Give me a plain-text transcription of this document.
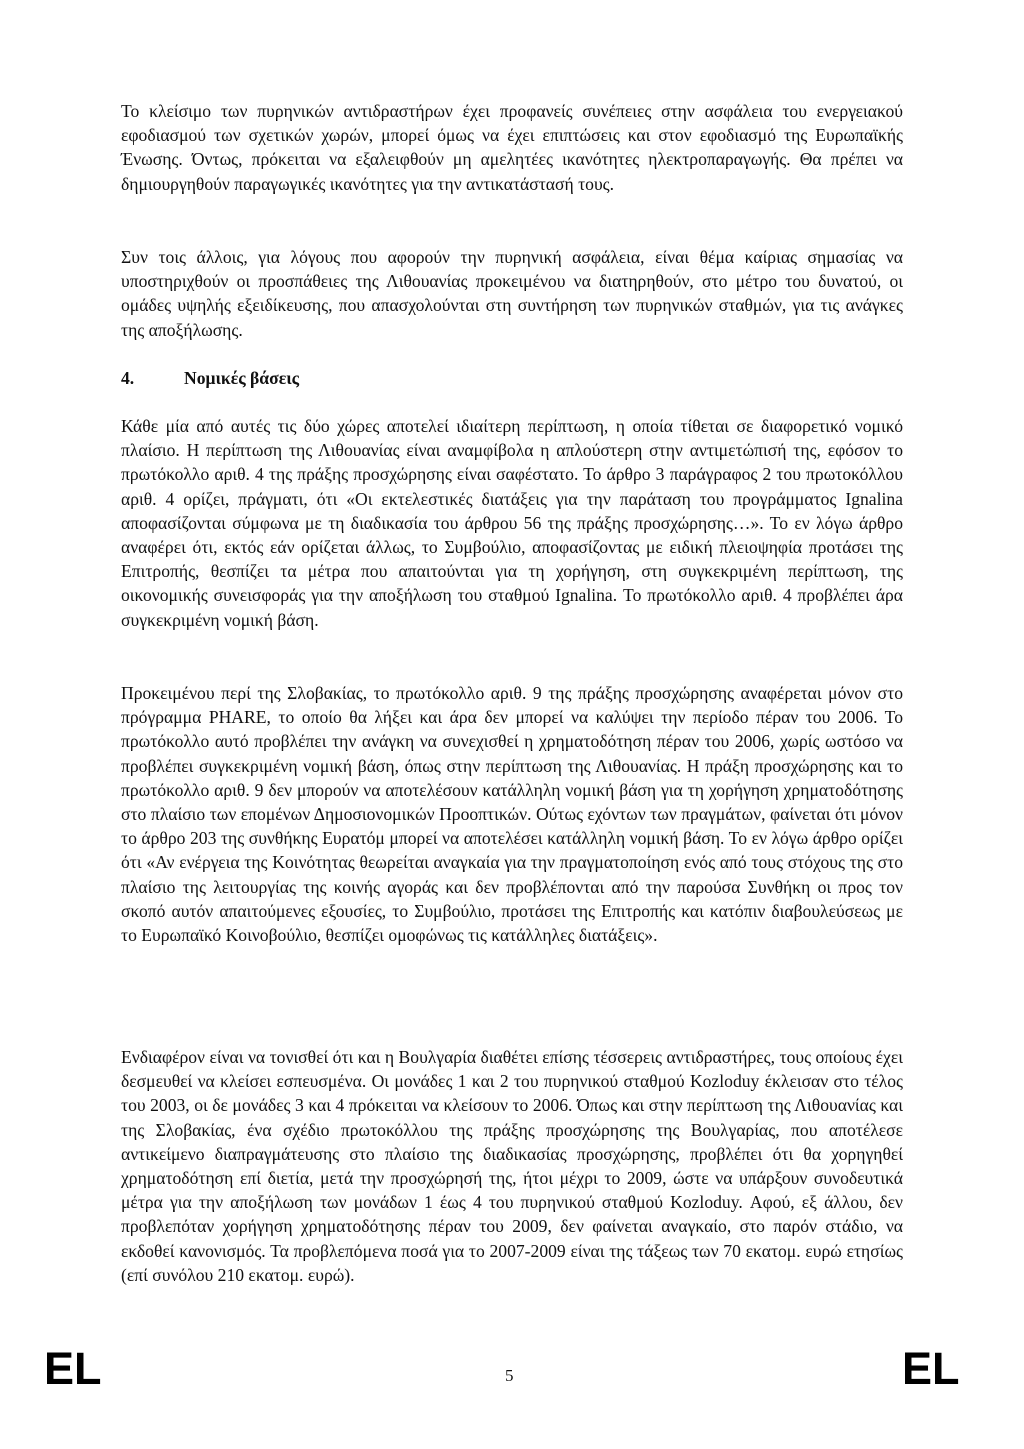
Το κλείσιμο των πυρηνικών αντιδραστήρων έχει προφανείς συνέπειες στην ασφάλεια του ενεργειακού εφοδιασμού των σχετικών χωρών, μπορεί όμως να έχει επιπτώσεις και στον εφοδιασμό της Ευρωπαϊκής Ένωσης. Όντως, πρόκειται να εξαλειφθούν μη αμελητέες ικανότητες ηλεκτροπαραγωγής. Θα πρέπει να δημιουργηθούν παραγωγικές ικανότητες για την αντικατάστασή τους.

Συν τοις άλλοις, για λόγους που αφορούν την πυρηνική ασφάλεια, είναι θέμα καίριας σημασίας να υποστηριχθούν οι προσπάθειες της Λιθουανίας προκειμένου να διατηρηθούν, στο μέτρο του δυνατού, οι ομάδες υψηλής εξειδίκευσης, που απασχολούνται στη συντήρηση των πυρηνικών σταθμών, για τις ανάγκες της αποξήλωσης.

4.	Νομικές βάσεις

Κάθε μία από αυτές τις δύο χώρες αποτελεί ιδιαίτερη περίπτωση, η οποία τίθεται σε διαφορετικό νομικό πλαίσιο. Η περίπτωση της Λιθουανίας είναι αναμφίβολα η απλούστερη στην αντιμετώπισή της, εφόσον το πρωτόκολλο αριθ. 4 της πράξης προσχώρησης είναι σαφέστατο. Το άρθρο 3 παράγραφος 2 του πρωτοκόλλου αριθ. 4 ορίζει, πράγματι, ότι «Οι εκτελεστικές διατάξεις για την παράταση του προγράμματος Ignalina αποφασίζονται σύμφωνα με τη διαδικασία του άρθρου 56 της πράξης προσχώρησης…». Το εν λόγω άρθρο αναφέρει ότι, εκτός εάν ορίζεται άλλως, το Συμβούλιο, αποφασίζοντας με ειδική πλειοψηφία προτάσει της Επιτροπής, θεσπίζει τα μέτρα που απαιτούνται για τη χορήγηση, στη συγκεκριμένη περίπτωση, της οικονομικής συνεισφοράς για την αποξήλωση του σταθμού Ignalina. Το πρωτόκολλο αριθ. 4 προβλέπει άρα συγκεκριμένη νομική βάση.

Προκειμένου περί της Σλοβακίας, το πρωτόκολλο αριθ. 9 της πράξης προσχώρησης αναφέρεται μόνον στο πρόγραμμα PHARE, το οποίο θα λήξει και άρα δεν μπορεί να καλύψει την περίοδο πέραν του 2006. Το πρωτόκολλο αυτό προβλέπει την ανάγκη να συνεχισθεί η χρηματοδότηση πέραν του 2006, χωρίς ωστόσο να προβλέπει συγκεκριμένη νομική βάση, όπως στην περίπτωση της Λιθουανίας. Η πράξη προσχώρησης και το πρωτόκολλο αριθ. 9 δεν μπορούν να αποτελέσουν κατάλληλη νομική βάση για τη χορήγηση χρηματοδότησης στο πλαίσιο των επομένων Δημοσιονομικών Προοπτικών. Ούτως εχόντων των πραγμάτων, φαίνεται ότι μόνον το άρθρο 203 της συνθήκης Ευρατόμ μπορεί να αποτελέσει κατάλληλη νομική βάση. Το εν λόγω άρθρο ορίζει ότι «Αν ενέργεια της Κοινότητας θεωρείται αναγκαία για την πραγματοποίηση ενός από τους στόχους της στο πλαίσιο της λειτουργίας της κοινής αγοράς και δεν προβλέπονται από την παρούσα Συνθήκη οι προς τον σκοπό αυτόν απαιτούμενες εξουσίες, το Συμβούλιο, προτάσει της Επιτροπής και κατόπιν διαβουλεύσεως με το Ευρωπαϊκό Κοινοβούλιο, θεσπίζει ομοφώνως τις κατάλληλες διατάξεις».

Ενδιαφέρον είναι να τονισθεί ότι και η Βουλγαρία διαθέτει επίσης τέσσερεις αντιδραστήρες, τους οποίους έχει δεσμευθεί να κλείσει εσπευσμένα. Οι μονάδες 1 και 2 του πυρηνικού σταθμού Kozloduy έκλεισαν στο τέλος του 2003, οι δε μονάδες 3 και 4 πρόκειται να κλείσουν το 2006. Όπως και στην περίπτωση της Λιθουανίας και της Σλοβακίας, ένα σχέδιο πρωτοκόλλου της πράξης προσχώρησης της Βουλγαρίας, που αποτέλεσε αντικείμενο διαπραγμάτευσης στο πλαίσιο της διαδικασίας προσχώρησης, προβλέπει ότι θα χορηγηθεί χρηματοδότηση επί διετία, μετά την προσχώρησή της, ήτοι μέχρι το 2009, ώστε να υπάρξουν συνοδευτικά μέτρα για την αποξήλωση των μονάδων 1 έως 4 του πυρηνικού σταθμού Kozloduy. Αφού, εξ άλλου, δεν προβλεπόταν χορήγηση χρηματοδότησης πέραν του 2009, δεν φαίνεται αναγκαίο, στο παρόν στάδιο, να εκδοθεί κανονισμός. Τα προβλεπόμενα ποσά για το 2007-2009 είναι της τάξεως των 70 εκατομ. ευρώ ετησίως (επί συνόλου 210 εκατομ. ευρώ).

EL	5	EL
